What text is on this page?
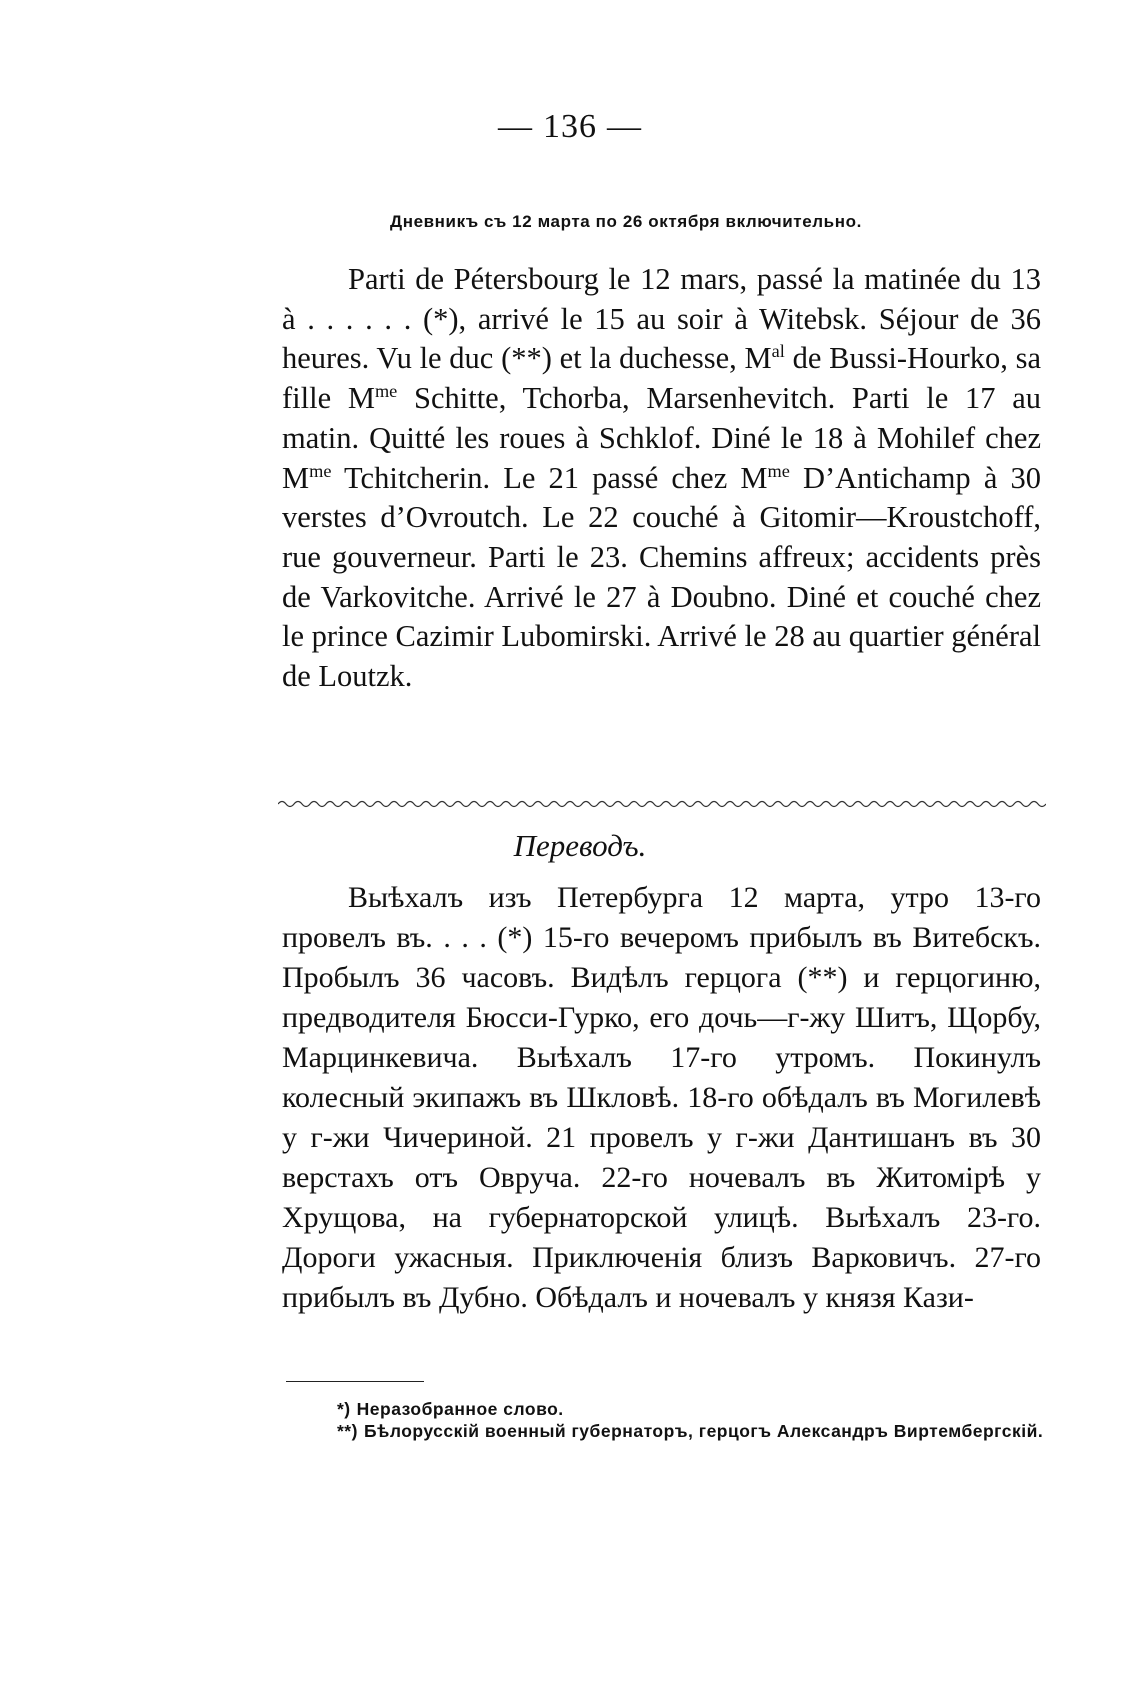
— 136 —
Дневникъ съ 12 марта по 26 октября включительно.

Parti de Pétersbourg le 12 mars, passé la matinée du 13 à . . . . . . (*), arrivé le 15 au soir à Witebsk. Séjour de 36 heures. Vu le duc (**) et la duchesse, $M^{al}$ de Bussi-Hourko, sa fille $M^{me}$ Schitte, Tchorba, Marsenhevitch. Parti le 17 au matin. Quitté les roues à Schklof. Diné le 18 à Mohilef chez $M^{me}$ Tchitcherin. Le 21 passé chez $M^{me}$ D’Antichamp à 30 verstes d’Ovroutch. Le 22 couché à Gitomir—Kroustchoff, rue gouverneur. Parti le 23. Chemins affreux; accidents près de Varkovitche. Arrivé le 27 à Doubno. Diné et couché chez le prince Cazimir Lubomirski. Arrivé le 28 au quartier général de Loutzk.

Переводъ.

Выѣхалъ изъ Петербурга 12 марта, утро 13-го провелъ въ. . . . (*) 15-го вечеромъ прибылъ въ Витебскъ. Пробылъ 36 часовъ. Видѣлъ герцога (**) и герцогиню, предводителя Бюсси-Гурко, его дочь—г-жу Шитъ, Щорбу, Марцинкевича. Выѣхалъ 17-го утромъ. Покинулъ колесный экипажъ въ Шкловѣ. 18-го обѣдалъ въ Могилевѣ у г-жи Чичериной. 21 провелъ у г-жи Дантишанъ въ 30 верстахъ отъ Овруча. 22-го ночевалъ въ Житомірѣ у Хрущова, на губернаторской улицѣ. Выѣхалъ 23-го. Дороги ужасныя. Приключенія близъ Варковичъ. 27-го прибылъ въ Дубно. Обѣдалъ и ночевалъ у князя Кази-

*) Неразобранное слово.

**) Бѣлорусскій военный губернаторъ, герцогъ Александръ Виртембергскій.
